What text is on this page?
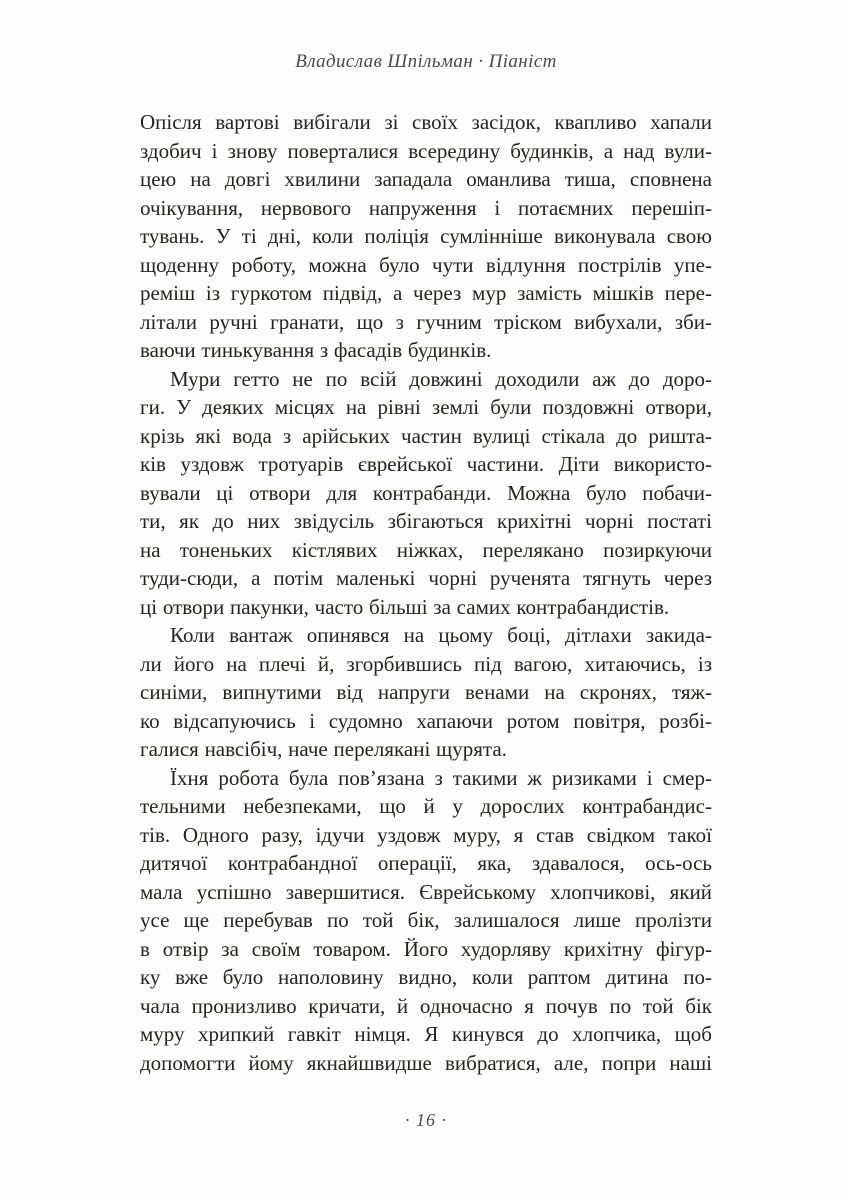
Владислав Шпільман · Піаніст
Опісля вартові вибігали зі своїх засідок, квапливо хапали
здобич і знову поверталися всередину будинків, а над вули-
цею на довгі хвилини западала оманлива тиша, сповнена
очікування, нервового напруження і потаємних перешіп-
тувань. У ті дні, коли поліція сумлінніше виконувала свою
щоденну роботу, можна було чути відлуння пострілів упе-
реміш із гуркотом підвід, а через мур замість мішків пере-
літали ручні гранати, що з гучним тріском вибухали, зби-
ваючи тинькування з фасадів будинків.
Мури гетто не по всій довжині доходили аж до доро-
ги. У деяких місцях на рівні землі були поздовжні отвори,
крізь які вода з арійських частин вулиці стікала до ришта-
ків уздовж тротуарів єврейської частини. Діти використо-
вували ці отвори для контрабанди. Можна було побачи-
ти, як до них звідусіль збігаються крихітні чорні постаті
на тоненьких кістлявих ніжках, перелякано позиркуючи
туди-сюди, а потім маленькі чорні рученята тягнуть через
ці отвори пакунки, часто більші за самих контрабандистів.
Коли вантаж опинявся на цьому боці, дітлахи закида-
ли його на плечі й, згорбившись під вагою, хитаючись, із
синіми, випнутими від напруги венами на скронях, тяж-
ко відсапуючись і судомно хапаючи ротом повітря, розбі-
галися навсібіч, наче перелякані щурята.
Їхня робота була пов’язана з такими ж ризиками і смер-
тельними небезпеками, що й у дорослих контрабандис-
тів. Одного разу, ідучи уздовж муру, я став свідком такої
дитячої контрабандної операції, яка, здавалося, ось-ось
мала успішно завершитися. Єврейському хлопчикові, який
усе ще перебував по той бік, залишалося лише пролізти
в отвір за своїм товаром. Його худорляву крихітну фігур-
ку вже було наполовину видно, коли раптом дитина по-
чала пронизливо кричати, й одночасно я почув по той бік
муру хрипкий гавкіт німця. Я кинувся до хлопчика, щоб
допомогти йому якнайшвидше вибратися, але, попри наші
· 16 ·
